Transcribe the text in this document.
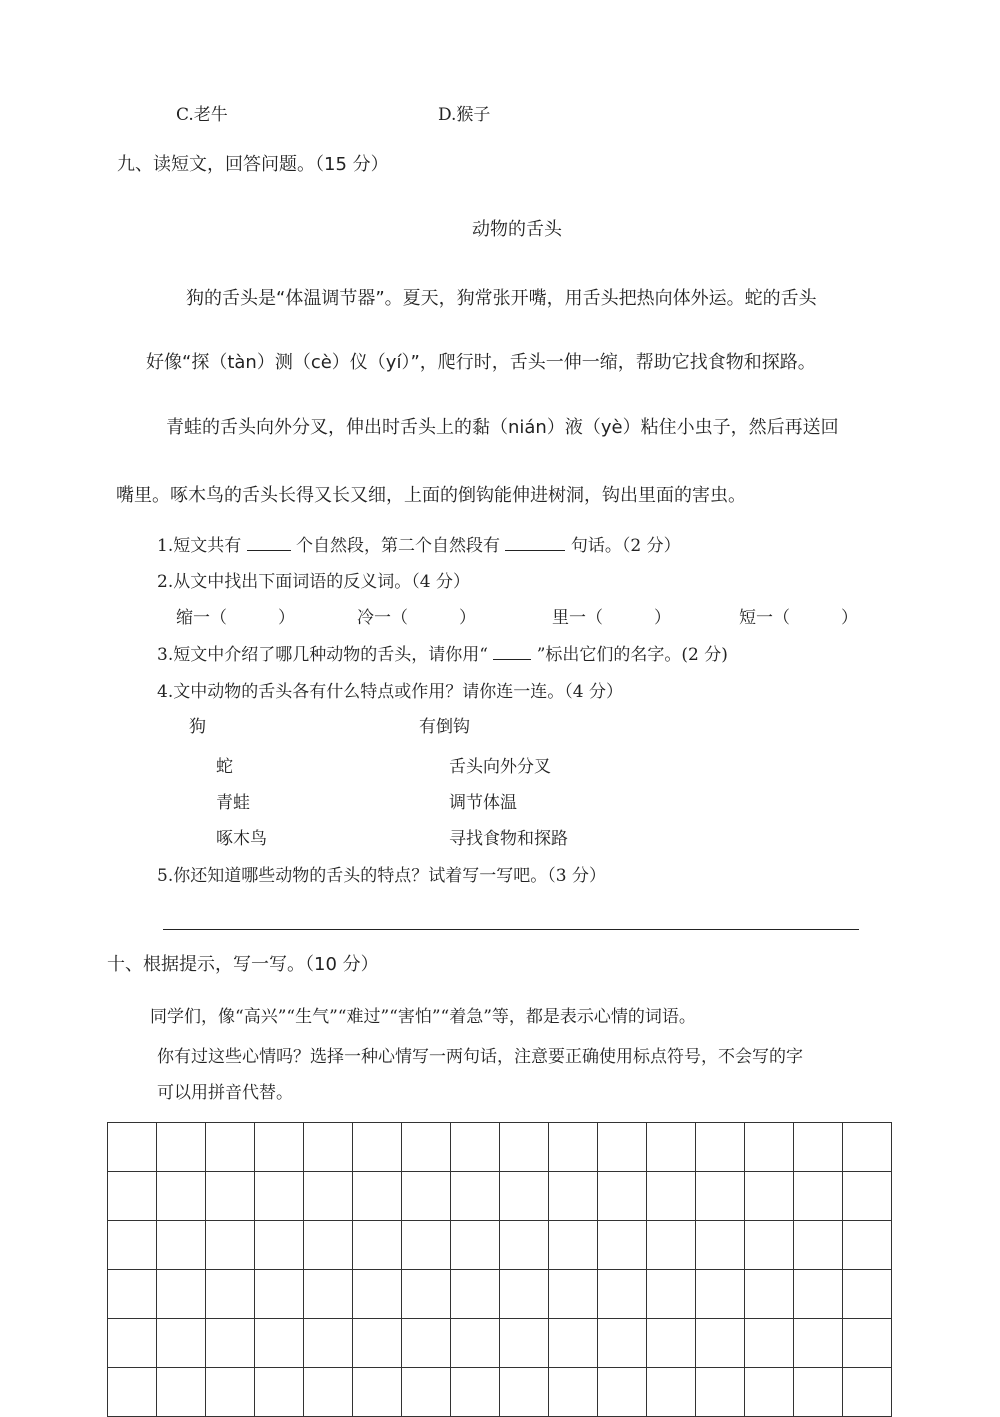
C.老牛	D.猴子
九、读短文，回答问题。（15 分）
动物的舌头
狗的舌头是“体温调节器”。夏天，狗常张开嘴，用舌头把热向体外运。蛇的舌头
好像“探（tàn）测（cè）仪（yí）”，爬行时，舌头一伸一缩，帮助它找食物和探路。
青蛙的舌头向外分叉，伸出时舌头上的黏（nián）液（yè）粘住小虫子，然后再送回
嘴里。啄木鸟的舌头长得又长又细，上面的倒钩能伸进树洞，钩出里面的害虫。
1.短文共有	个自然段，第二个自然段有	句话。（2 分）
2.从文中找出下面词语的反义词。（4 分）
缩一（　　　）	冷一（　　　）	里一（　　　）	短一（　　　）
3.短文中介绍了哪几种动物的舌头，请你用“	”标出它们的名字。(2 分)
4.文中动物的舌头各有什么特点或作用？请你连一连。（4 分）
狗	有倒钩
蛇	舌头向外分叉
青蛙	调节体温
啄木鸟	寻找食物和探路
5.你还知道哪些动物的舌头的特点？试着写一写吧。（3 分）
十、根据提示，写一写。（10 分）
同学们，像“高兴”“生气”“难过”“害怕”“着急”等，都是表示心情的词语。
你有过这些心情吗？选择一种心情写一两句话，注意要正确使用标点符号，不会写的字
可以用拼音代替。
